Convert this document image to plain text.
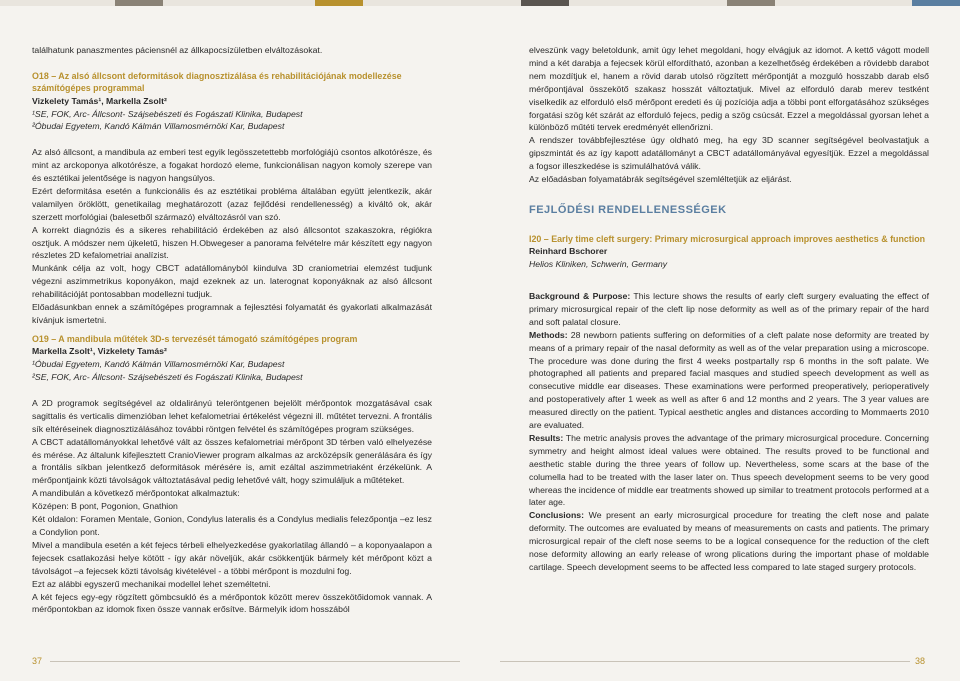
találhatunk panaszmentes páciensnél az állkapocsízületben elváltozásokat.

O18 – Az alsó állcsont deformitások diagnosztizálása és rehabilitációjának modellezése számítógépes programmal

Vizkelety Tamás¹, Markella Zsolt²

¹SE, FOK, Arc- Állcsont- Szájsebészeti és Fogászati Klinika, Budapest

²Óbudai Egyetem, Kandó Kálmán Villamosmérnöki Kar, Budapest

Az alsó állcsont, a mandibula az emberi test egyik legösszetettebb morfológiájú csontos alkotórésze, és mint az arckoponya alkotórésze, a fogakat hordozó eleme, funkcionálisan nagyon komoly szerepe van és esztétikai jelentősége is nagyon hangsúlyos.

Ezért deformitása esetén a funkcionális és az esztétikai probléma általában együtt jelentkezik, akár valamilyen öröklött, genetikailag meghatározott (azaz fejlődési rendellenesség) a kiváltó ok, akár szerzett morfológiai (balesetből származó) elváltozásról van szó.

A korrekt diagnózis és a sikeres rehabilitáció érdekében az alsó állcsontot szakaszokra, régiókra osztjuk. A módszer nem újkeletű, hiszen H.Obwegeser a panorama felvételre már készített egy nagyon részletes 2D kefalometriai analízist.

Munkánk célja az volt, hogy CBCT adatállományból kiindulva 3D craniometriai elemzést tudjunk végezni aszimmetrikus koponyákon, majd ezeknek az un. laterognat koponyáknak az alsó állcsont rehabilitációját pontosabban modellezni tudjuk.

Előadásunkban ennek a számítógépes programnak a fejlesztési folyamatát és gyakorlati alkalmazását kívánjuk ismertetni.

O19 – A mandibula műtétek 3D-s tervezését támogató számítógépes program

Markella Zsolt¹, Vizkelety Tamás²

¹Óbudai Egyetem, Kandó Kálmán Villamosmérnöki Kar, Budapest

²SE, FOK, Arc- Állcsont- Szájsebészeti és Fogászati Klinika, Budapest

A 2D programok segítségével az oldalirányú teleröntgenen bejelölt mérőpontok mozgatásával csak sagittalis és verticalis dimenzióban lehet kefalometriai értékelést végezni ill. műtétet tervezni. A frontális sík eltéréseinek diagnosztizálásához további röntgen felvétel és számítógépes program szükséges.

A CBCT adatállományokkal lehetővé vált az összes kefalometriai mérőpont 3D térben való elhelyezése és mérése. Az általunk kifejlesztett CranioViewer program alkalmas az arcközépsík generálására és így a frontális síkban jelentkező deformitások mérésére is, amit ezáltal aszimmetriaként érzékelünk. A mérőpontjaink közti távolságok változtatásával pedig lehetővé vált, hogy szimuláljuk a műtéteket.

A mandibulán a következő mérőpontokat alkalmaztuk:

Középen: B pont, Pogonion, Gnathion

Két oldalon: Foramen Mentale, Gonion, Condylus lateralis és a Condylus medialis felezőpontja –ez lesz a Condylion pont.

Mivel a mandibula esetén a két fejecs térbeli elhelyezkedése gyakorlatilag állandó – a koponyaalapon a fejecsek csatlakozási helye kötött - így akár növeljük, akár csökkentjük bármely két mérőpont közt a távolságot –a fejecsek közti távolság kivételével - a többi mérőpont is mozdulni fog.

Ezt az alábbi egyszerű mechanikai modellel lehet személtetni.

A két fejecs egy-egy rögzített gömbcsukló és a mérőpontok között merev összekötőidomok vannak. A mérőpontokban az idomok fixen össze vannak erősítve. Bármelyik idom hosszából

elveszünk vagy beletoldunk, amit úgy lehet megoldani, hogy elvágjuk az idomot. A kettő vágott modell mind a két darabja a fejecsek körül elfordítható, azonban a kezelhetőség érdekében a rövidebb darabot nem mozdítjuk el, hanem a rövid darab utolsó rögzített mérőpontját a mozguló hosszabb darab első mérőpontjával összekötő szakasz hosszát változtatjuk. Mivel az elforduló darab merev testként viselkedik az elforduló első mérőpont eredeti és új pozíciója adja a többi pont elforgatásához szükséges forgatási szög két szárát az elforduló fejecs, pedig a szög csúcsát. Ezzel a megoldással gyorsan lehet a különböző műtéti tervek eredményét ellenőrizni.

A rendszer továbbfejlesztése úgy oldható meg, ha egy 3D scanner segítségével beolvastatjuk a gipszmintát és az így kapott adatállományt a CBCT adatállományával egyesítjük. Ezzel a megoldással a fogsor illeszkedése is szimulálhatóvá válik.

Az előadásban folyamatábrák segítségével szemléltetjük az eljárást.

FEJLŐDÉSI RENDELLENESSÉGEK

I20 – Early time cleft surgery: Primary microsurgical approach improves aesthetics & function

Reinhard Bschorer

Helios Kliniken, Schwerin, Germany

Background & Purpose: This lecture shows the results of early cleft surgery evaluating the effect of primary microsurgical repair of the cleft lip nose deformity as well as of the primary repair of the hard and soft palatal closure.

Methods: 28 newborn patients suffering on deformities of a cleft palate nose deformity are treated by means of a primary repair of the nasal deformity as well as of the velar preparation using a microscope. The procedure was done during the first 4 weeks postpartally rsp 6 months in the soft palate. We photographed all patients and prepared facial masques and studied speech development as well as consecutive middle ear diseases. These examinations were performed preoperatively, perioperatively and postoperatively after 1 week as well as after 6 and 12 months and 2 years. The 3 year values are measured directly on the patient. Typical aesthetic angles and distances according to Mommaerts 2010 are evaluated.

Results: The metric analysis proves the advantage of the primary microsurgical procedure. Concerning symmetry and height almost ideal values were obtained. The results proved to be functional and aesthetic stable during the three years of follow up. Nevertheless, some scars at the base of the columella had to be treated with the laser later on. Thus speech development seems to be very good whereas the incidence of middle ear treatments showed up similar to treatment protocols performed at a later age.

Conclusions: We present an early microsurgical procedure for treating the cleft nose and palate deformity. The outcomes are evaluated by means of measurements on casts and patients. The primary microsurgical repair of the cleft nose seems to be a logical consequence for the reduction of the cleft nose deformity allowing an early release of wrong plications during the important phase of moldable cartilage. Speech development seems to be affected less compared to late staged surgery protocols.

37	38
